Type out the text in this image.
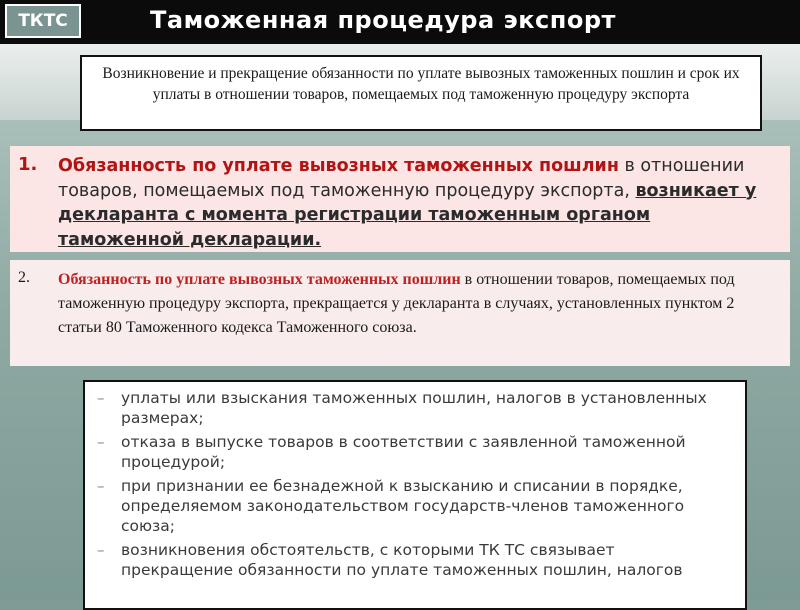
ТКТС	Таможенная процедура экспорт
Возникновение и прекращение обязанности по уплате вывозных таможенных пошлин и срок их уплаты в отношении товаров, помещаемых под таможенную процедуру экспорта
1. Обязанность по уплате вывозных таможенных пошлин в отношении товаров, помещаемых под таможенную процедуру экспорта, возникает у декларанта с момента регистрации таможенным органом таможенной декларации.
2. Обязанность по уплате вывозных таможенных пошлин в отношении товаров, помещаемых под таможенную процедуру экспорта, прекращается у декларанта в случаях, установленных пунктом 2 статьи 80 Таможенного кодекса Таможенного союза.
– уплаты или взыскания таможенных пошлин, налогов в установленных размерах;
– отказа в выпуске товаров в соответствии с заявленной таможенной процедурой;
– при признании ее безнадежной к взысканию и списании в порядке, определяемом законодательством государств-членов таможенного союза;
– возникновения обстоятельств, с которыми ТК ТС связывает прекращение обязанности по уплате таможенных пошлин, налогов
